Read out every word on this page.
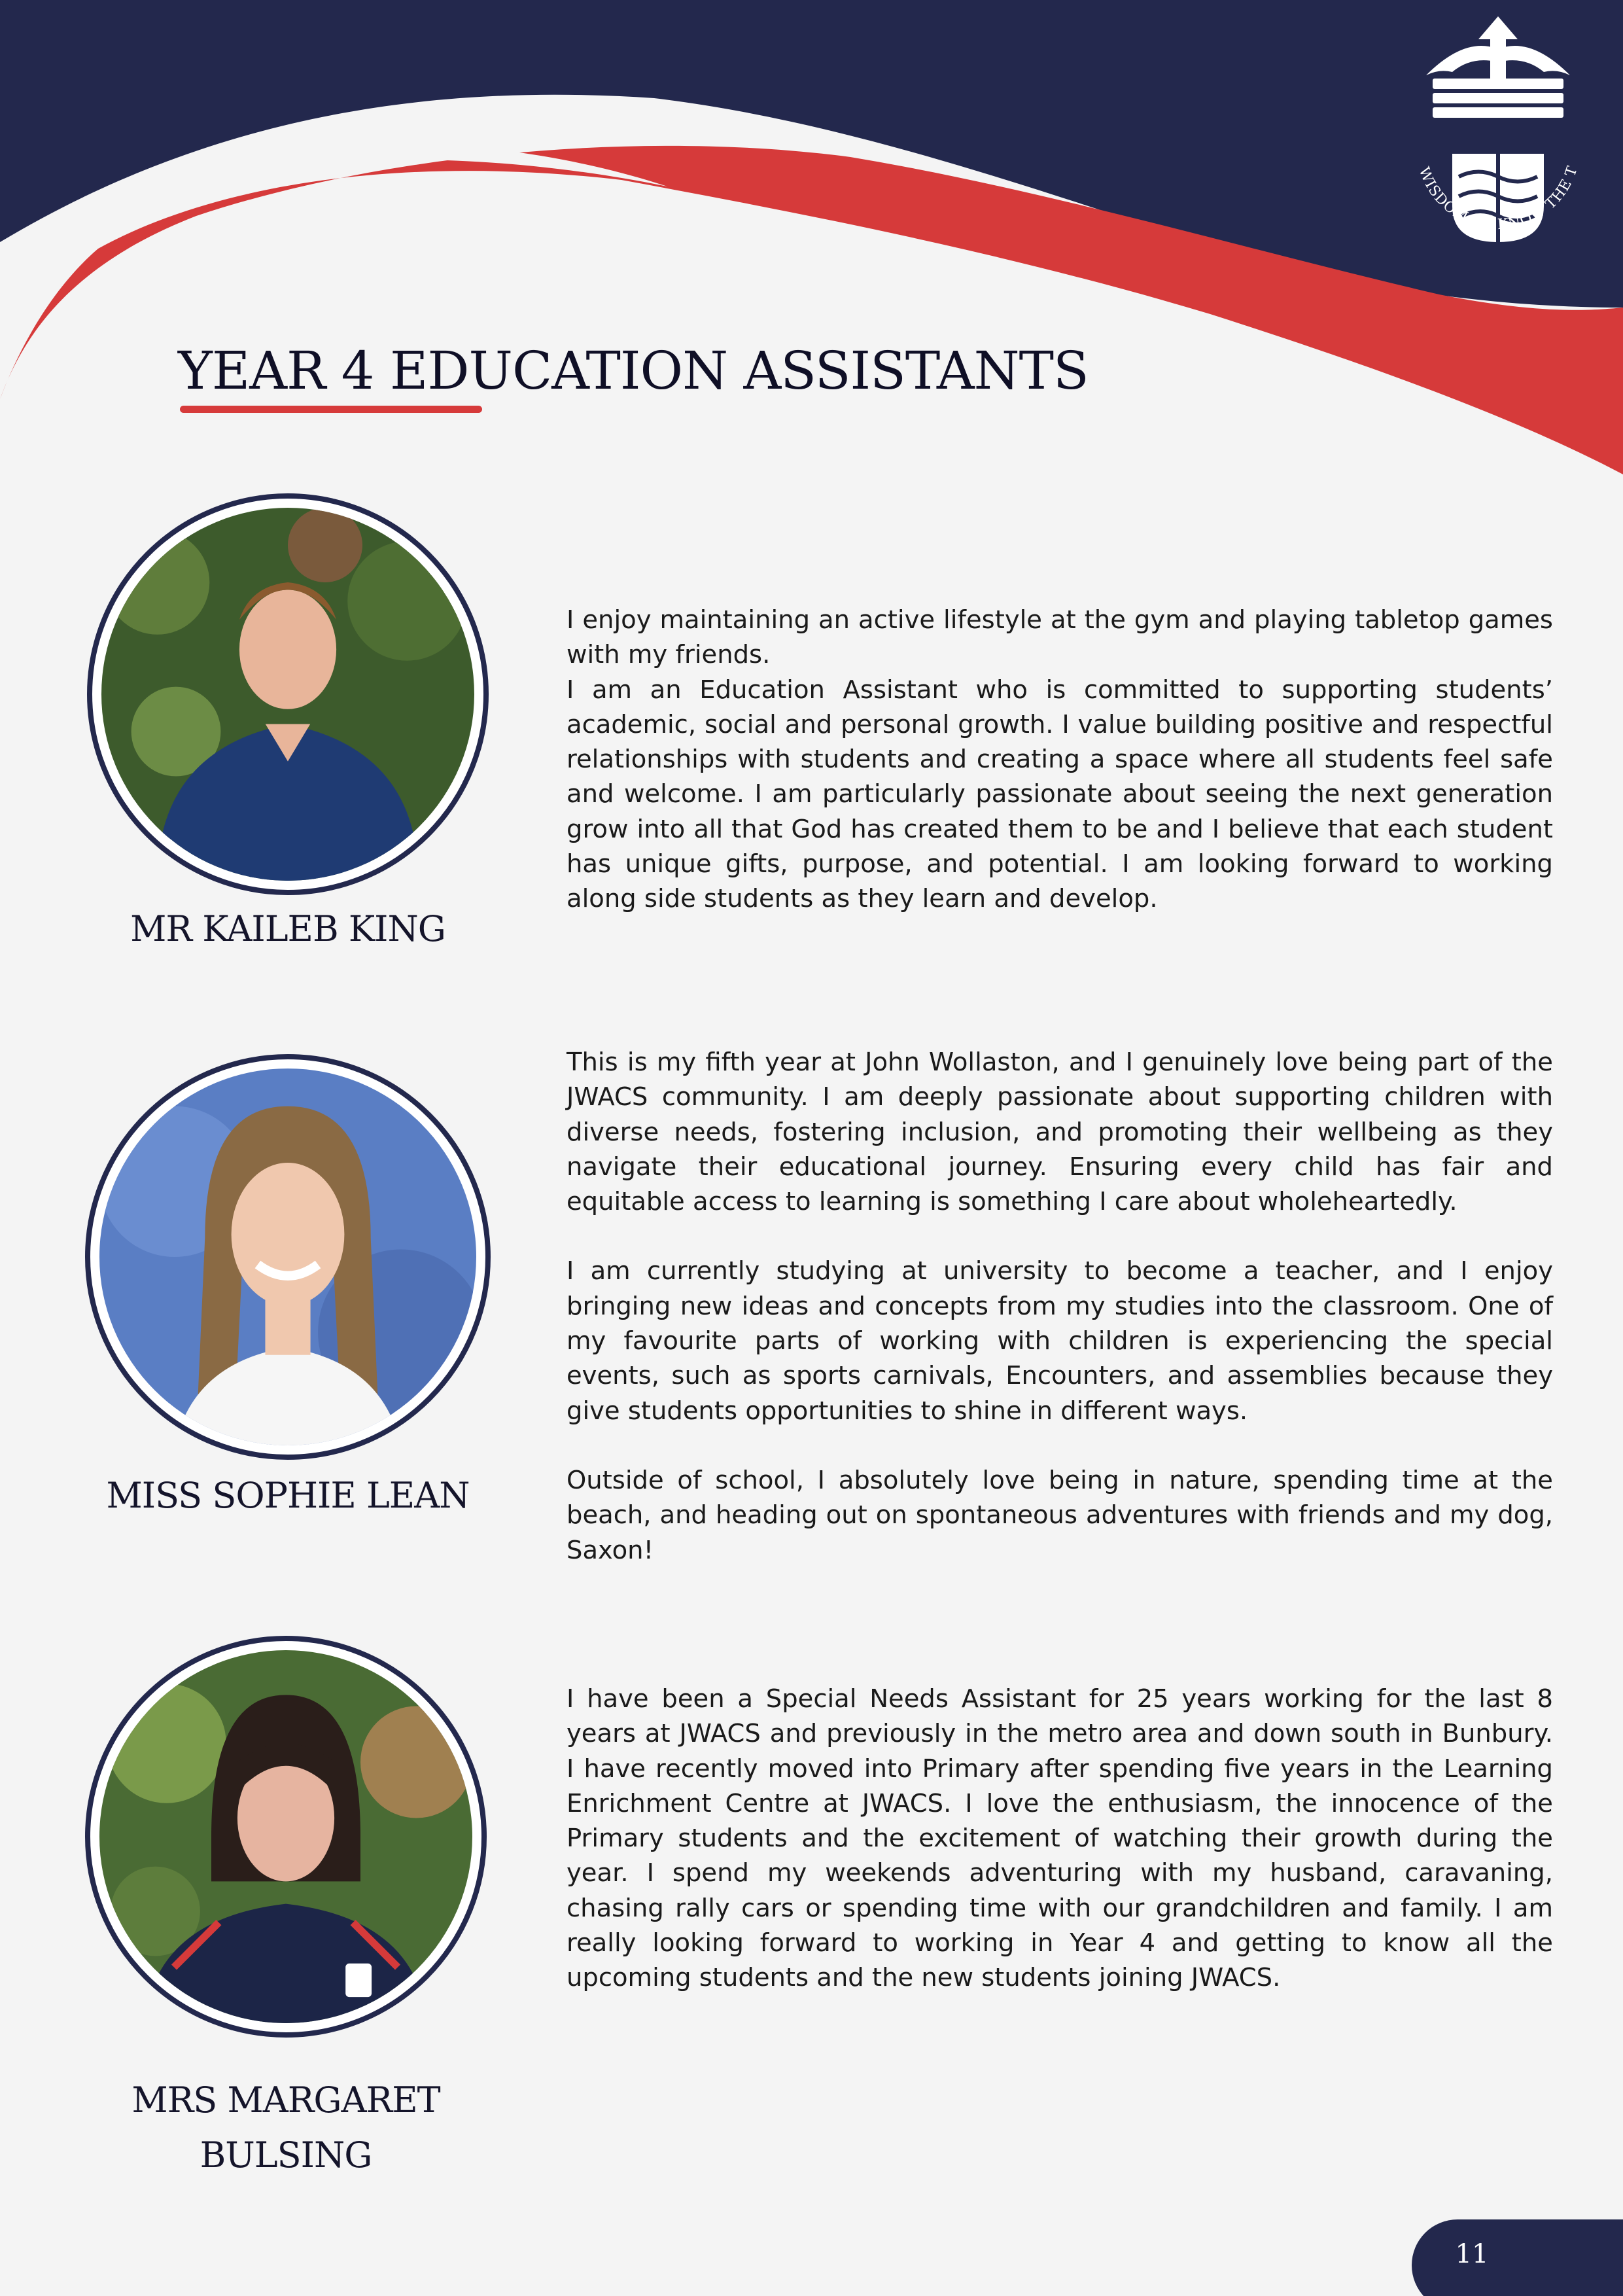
WISDOM TO KNOW THE T
YEAR 4 EDUCATION ASSISTANTS
MR KAILEB KING

I enjoy maintaining an active lifestyle at the gym and playing tabletop games with my friends.

I am an Education Assistant who is committed to supporting students’ academic, social and personal growth. I value building positive and respectful relationships with students and creating a space where all students feel safe and welcome. I am particularly passionate about seeing the next generation grow into all that God has created them to be and I believe that each student has unique gifts, purpose, and potential. I am looking forward to working along side students as they learn and develop.

MISS SOPHIE LEAN

This is my fifth year at John Wollaston, and I genuinely love being part of the JWACS community. I am deeply passionate about supporting children with diverse needs, fostering inclusion, and promoting their wellbeing as they navigate their educational journey. Ensuring every child has fair and equitable access to learning is something I care about wholeheartedly.

I am currently studying at university to become a teacher, and I enjoy bringing new ideas and concepts from my studies into the classroom. One of my favourite parts of working with children is experiencing the special events, such as sports carnivals, Encounters, and assemblies because they give students opportunities to shine in different ways.

Outside of school, I absolutely love being in nature, spending time at the beach, and heading out on spontaneous adventures with friends and my dog, Saxon!

MRS MARGARET
BULSING

I have been a Special Needs Assistant for 25 years working for the last 8 years at JWACS and previously in the metro area and down south in Bunbury. I have recently moved into Primary after spending five years in the Learning Enrichment Centre at JWACS. I love the enthusiasm, the innocence of the Primary students and the excitement of watching their growth during the year. I spend my weekends adventuring with my husband, caravaning, chasing rally cars or spending time with our grandchildren and family. I am really looking forward to working in Year 4 and getting to know all the upcoming students and the new students joining JWACS.

11
